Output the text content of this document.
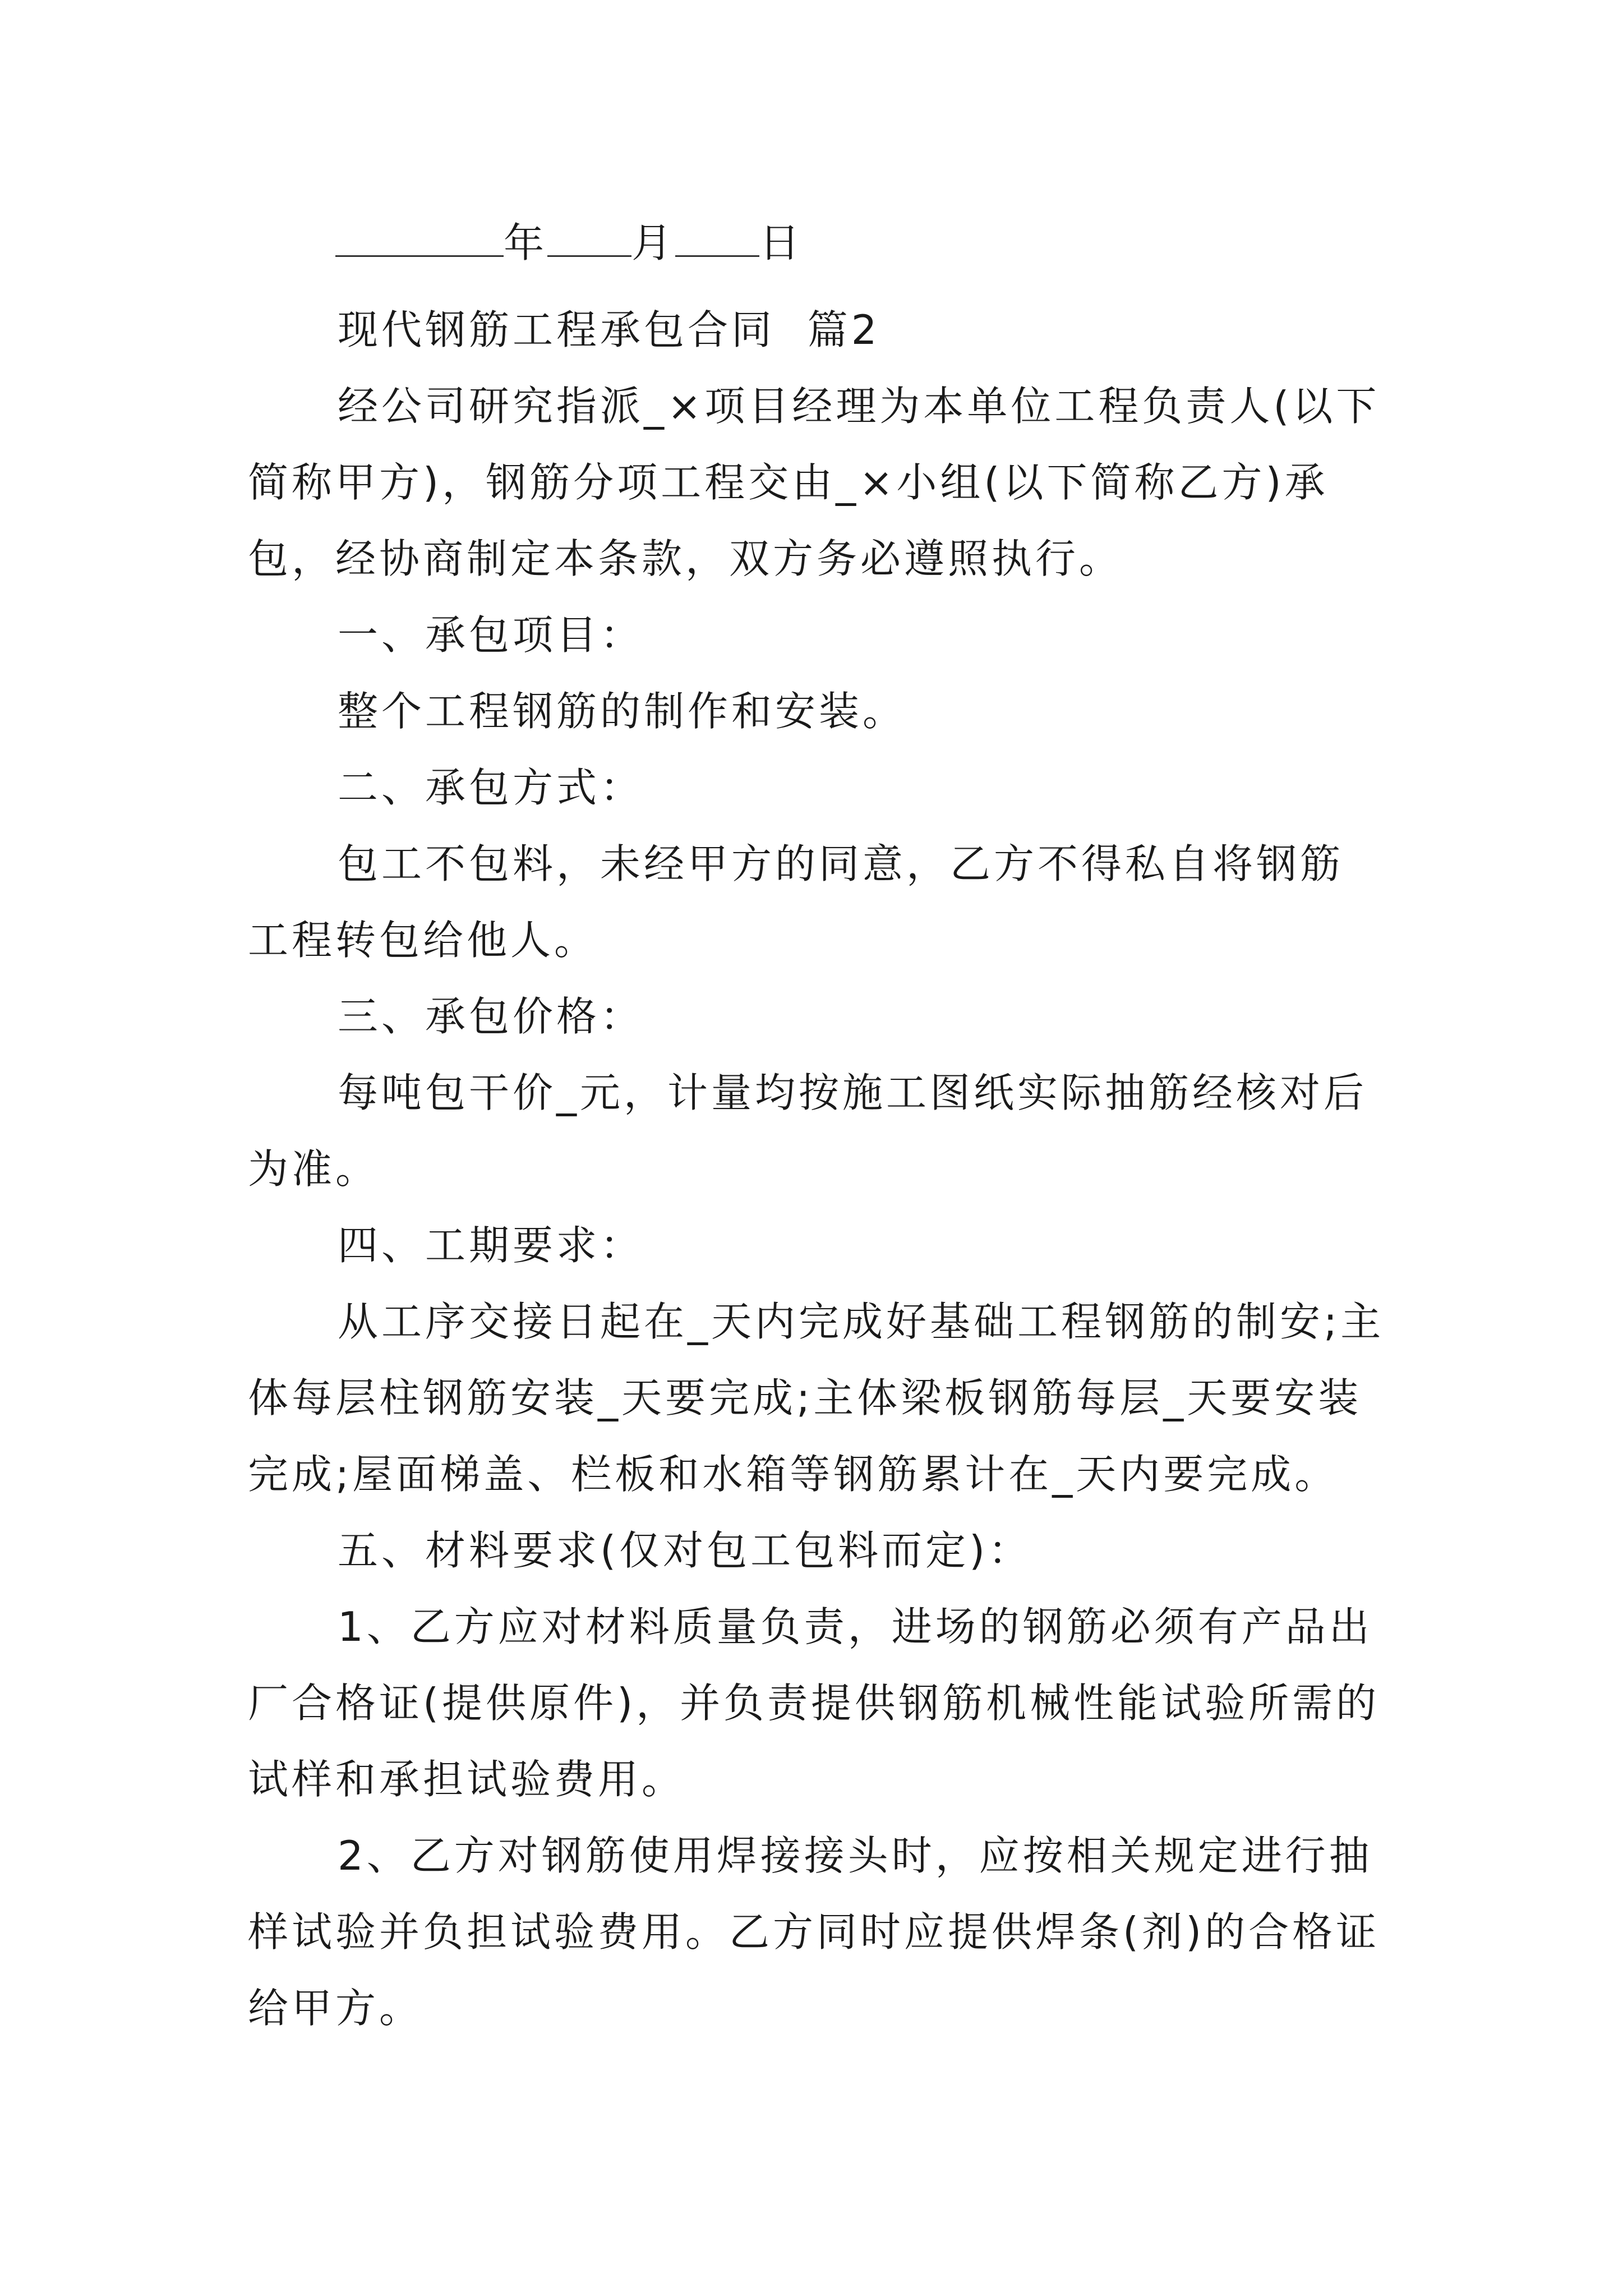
年 月 日

现代钢筋工程承包合同  篇2

经公司研究指派_×项目经理为本单位工程负责人(以下简称甲方)，钢筋分项工程交由_×小组(以下简称乙方)承包，经协商制定本条款，双方务必遵照执行。

一、承包项目：

整个工程钢筋的制作和安装。

二、承包方式：

包工不包料，未经甲方的同意，乙方不得私自将钢筋工程转包给他人。

三、承包价格：

每吨包干价_元，计量均按施工图纸实际抽筋经核对后为准。

四、工期要求：

从工序交接日起在_天内完成好基础工程钢筋的制安;主体每层柱钢筋安装_天要完成;主体梁板钢筋每层_天要安装完成;屋面梯盖、栏板和水箱等钢筋累计在_天内要完成。

五、材料要求(仅对包工包料而定)：

1、乙方应对材料质量负责，进场的钢筋必须有产品出厂合格证(提供原件)，并负责提供钢筋机械性能试验所需的试样和承担试验费用。

2、乙方对钢筋使用焊接接头时，应按相关规定进行抽样试验并负担试验费用。乙方同时应提供焊条(剂)的合格证给甲方。
